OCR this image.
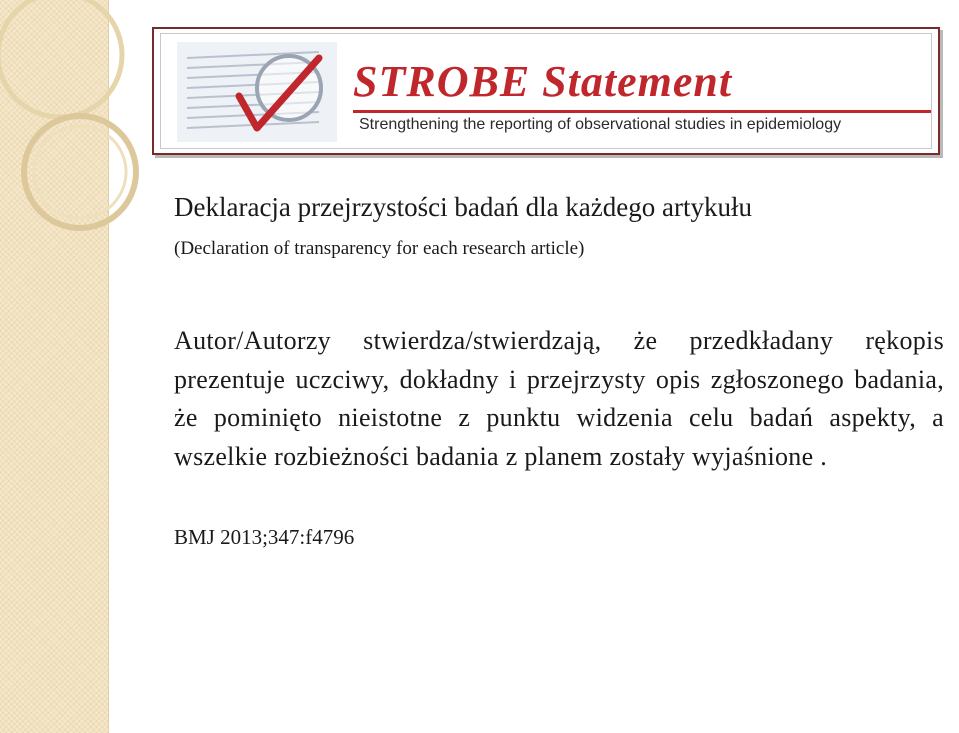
STROBE Statement
Strengthening the reporting of observational studies in epidemiology
Deklaracja przejrzystości badań dla każdego artykułu
(Declaration of transparency for each research article)
Autor/Autorzy stwierdza/stwierdzają, że przedkładany rękopis prezentuje uczciwy, dokładny i przejrzysty opis zgłoszonego badania, że pominięto nieistotne z punktu widzenia celu badań aspekty, a wszelkie rozbieżności badania z planem zostały wyjaśnione .
BMJ 2013;347:f4796
